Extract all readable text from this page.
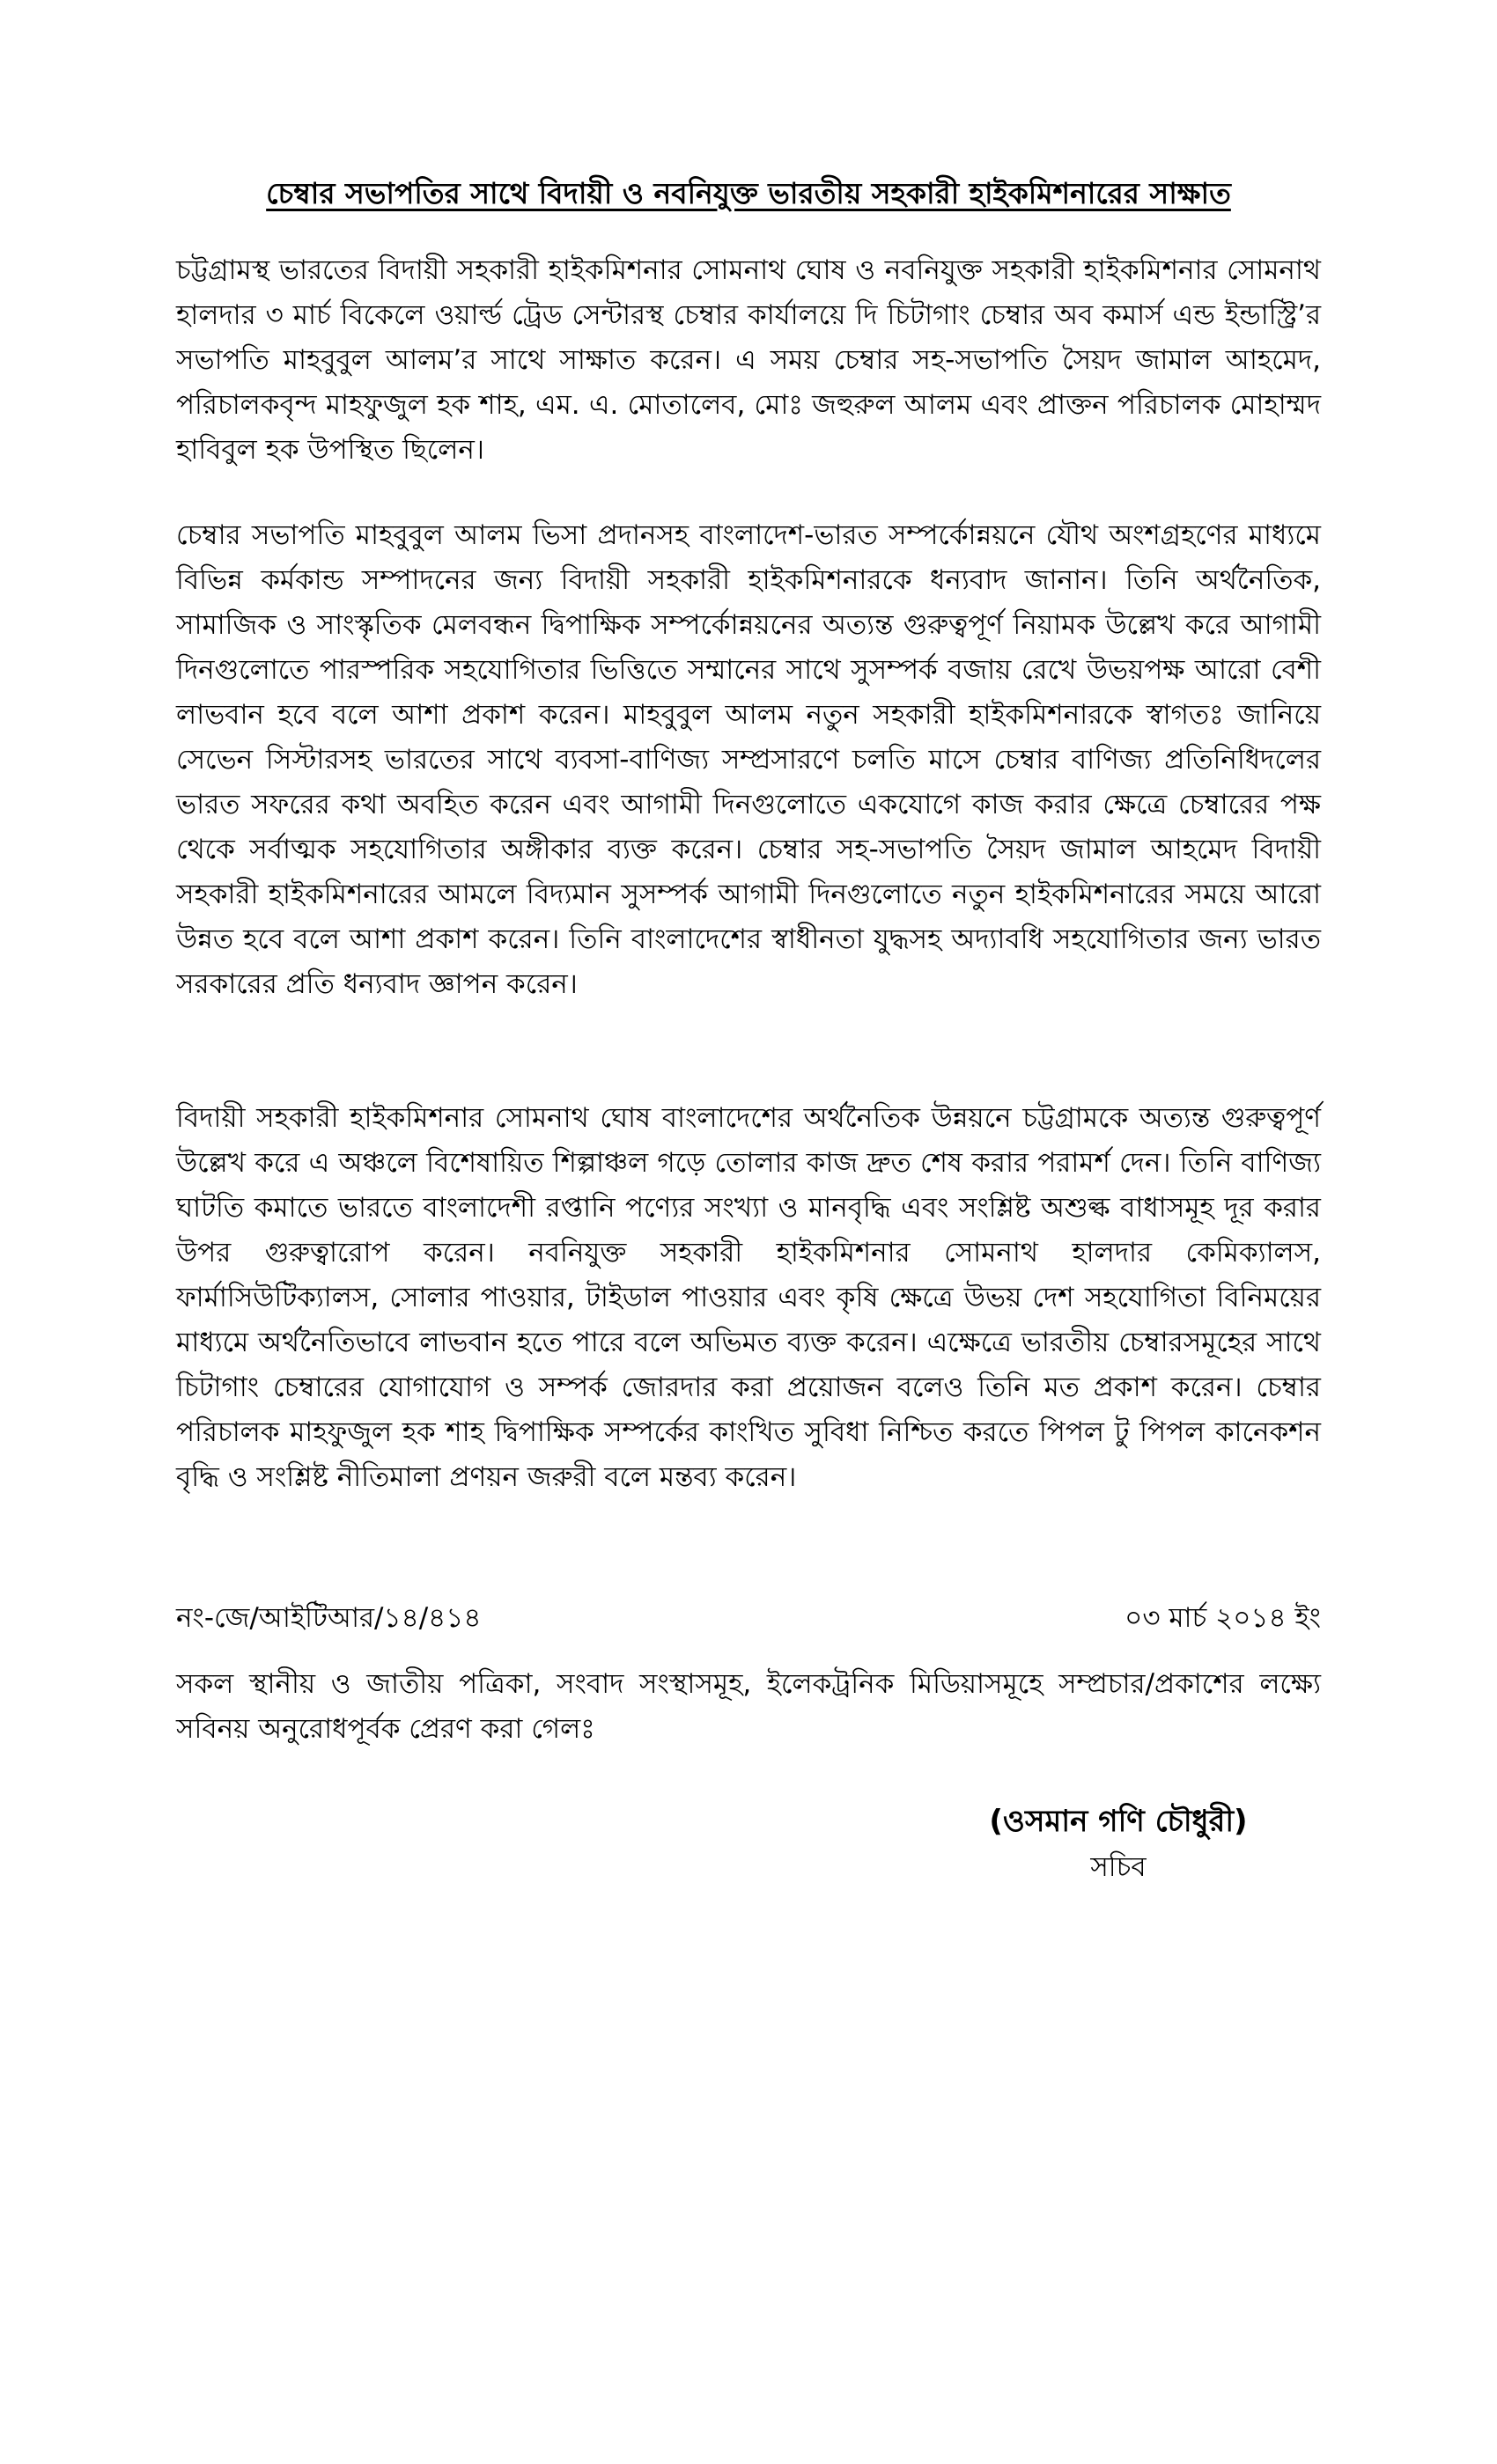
চেম্বার সভাপতির সাথে বিদায়ী ও নবনিযুক্ত ভারতীয় সহকারী হাইকমিশনারের সাক্ষাত

চট্টগ্রামস্থ ভারতের বিদায়ী সহকারী হাইকমিশনার সোমনাথ ঘোষ ও নবনিযুক্ত সহকারী হাইকমিশনার সোমনাথ হালদার ৩ মার্চ বিকেলে ওয়ার্ল্ড ট্রেড সেন্টারস্থ চেম্বার কার্যালয়ে দি চিটাগাং চেম্বার অব কমার্স এন্ড ইন্ডাস্ট্রি’র সভাপতি মাহবুবুল আলম’র সাথে সাক্ষাত করেন। এ সময় চেম্বার সহ-সভাপতি সৈয়দ জামাল আহমেদ, পরিচালকবৃন্দ মাহফুজুল হক শাহ, এম. এ. মোতালেব, মোঃ জহুরুল আলম এবং প্রাক্তন পরিচালক মোহাম্মদ হাবিবুল হক উপস্থিত ছিলেন।

চেম্বার সভাপতি মাহবুবুল আলম ভিসা প্রদানসহ বাংলাদেশ-ভারত সম্পর্কোন্নয়নে যৌথ অংশগ্রহণের মাধ্যমে বিভিন্ন কর্মকান্ড সম্পাদনের জন্য বিদায়ী সহকারী হাইকমিশনারকে ধন্যবাদ জানান। তিনি অর্থনৈতিক, সামাজিক ও সাংস্কৃতিক মেলবন্ধন দ্বিপাক্ষিক সম্পর্কোন্নয়নের অত্যন্ত গুরুত্বপূর্ণ নিয়ামক উল্লেখ করে আগামী দিনগুলোতে পারস্পরিক সহযোগিতার ভিত্তিতে সম্মানের সাথে সুসম্পর্ক বজায় রেখে উভয়পক্ষ আরো বেশী লাভবান হবে বলে আশা প্রকাশ করেন। মাহবুবুল আলম নতুন সহকারী হাইকমিশনারকে স্বাগতঃ জানিয়ে সেভেন সিস্টারসহ ভারতের সাথে ব্যবসা-বাণিজ্য সম্প্রসারণে চলতি মাসে চেম্বার বাণিজ্য প্রতিনিধিদলের ভারত সফরের কথা অবহিত করেন এবং আগামী দিনগুলোতে একযোগে কাজ করার ক্ষেত্রে চেম্বারের পক্ষ থেকে সর্বাত্মক সহযোগিতার অঙ্গীকার ব্যক্ত করেন। চেম্বার সহ-সভাপতি সৈয়দ জামাল আহমেদ বিদায়ী সহকারী হাইকমিশনারের আমলে বিদ্যমান সুসম্পর্ক আগামী দিনগুলোতে নতুন হাইকমিশনারের সময়ে আরো উন্নত হবে বলে আশা প্রকাশ করেন। তিনি বাংলাদেশের স্বাধীনতা যুদ্ধসহ অদ্যাবধি সহযোগিতার জন্য ভারত সরকারের প্রতি ধন্যবাদ জ্ঞাপন করেন।

বিদায়ী সহকারী হাইকমিশনার সোমনাথ ঘোষ বাংলাদেশের অর্থনৈতিক উন্নয়নে চট্টগ্রামকে অত্যন্ত গুরুত্বপূর্ণ উল্লেখ করে এ অঞ্চলে বিশেষায়িত শিল্পাঞ্চল গড়ে তোলার কাজ দ্রুত শেষ করার পরামর্শ দেন। তিনি বাণিজ্য ঘাটতি কমাতে ভারতে বাংলাদেশী রপ্তানি পণ্যের সংখ্যা ও মানবৃদ্ধি এবং সংশ্লিষ্ট অশুল্ক বাধাসমূহ দূর করার উপর গুরুত্বারোপ করেন। নবনিযুক্ত সহকারী হাইকমিশনার সোমনাথ হালদার কেমিক্যালস, ফার্মাসিউটিক্যালস, সোলার পাওয়ার, টাইডাল পাওয়ার এবং কৃষি ক্ষেত্রে উভয় দেশ সহযোগিতা বিনিময়ের মাধ্যমে অর্থনৈতিভাবে লাভবান হতে পারে বলে অভিমত ব্যক্ত করেন। এক্ষেত্রে ভারতীয় চেম্বারসমূহের সাথে চিটাগাং চেম্বারের যোগাযোগ ও সম্পর্ক জোরদার করা প্রয়োজন বলেও তিনি মত প্রকাশ করেন। চেম্বার পরিচালক মাহফুজুল হক শাহ দ্বিপাক্ষিক সম্পর্কের কাংখিত সুবিধা নিশ্চিত করতে পিপল টু পিপল কানেকশন বৃদ্ধি ও সংশ্লিষ্ট নীতিমালা প্রণয়ন জরুরী বলে মন্তব্য করেন।

নং-জে/আইটিআর/১৪/৪১৪	০৩ মার্চ ২০১৪ ইং

সকল স্থানীয় ও জাতীয় পত্রিকা, সংবাদ সংস্থাসমূহ, ইলেকট্রনিক মিডিয়াসমূহে সম্প্রচার/প্রকাশের লক্ষ্যে সবিনয় অনুরোধপূর্বক প্রেরণ করা গেলঃ

(ওসমান গণি চৌধুরী)
সচিব
